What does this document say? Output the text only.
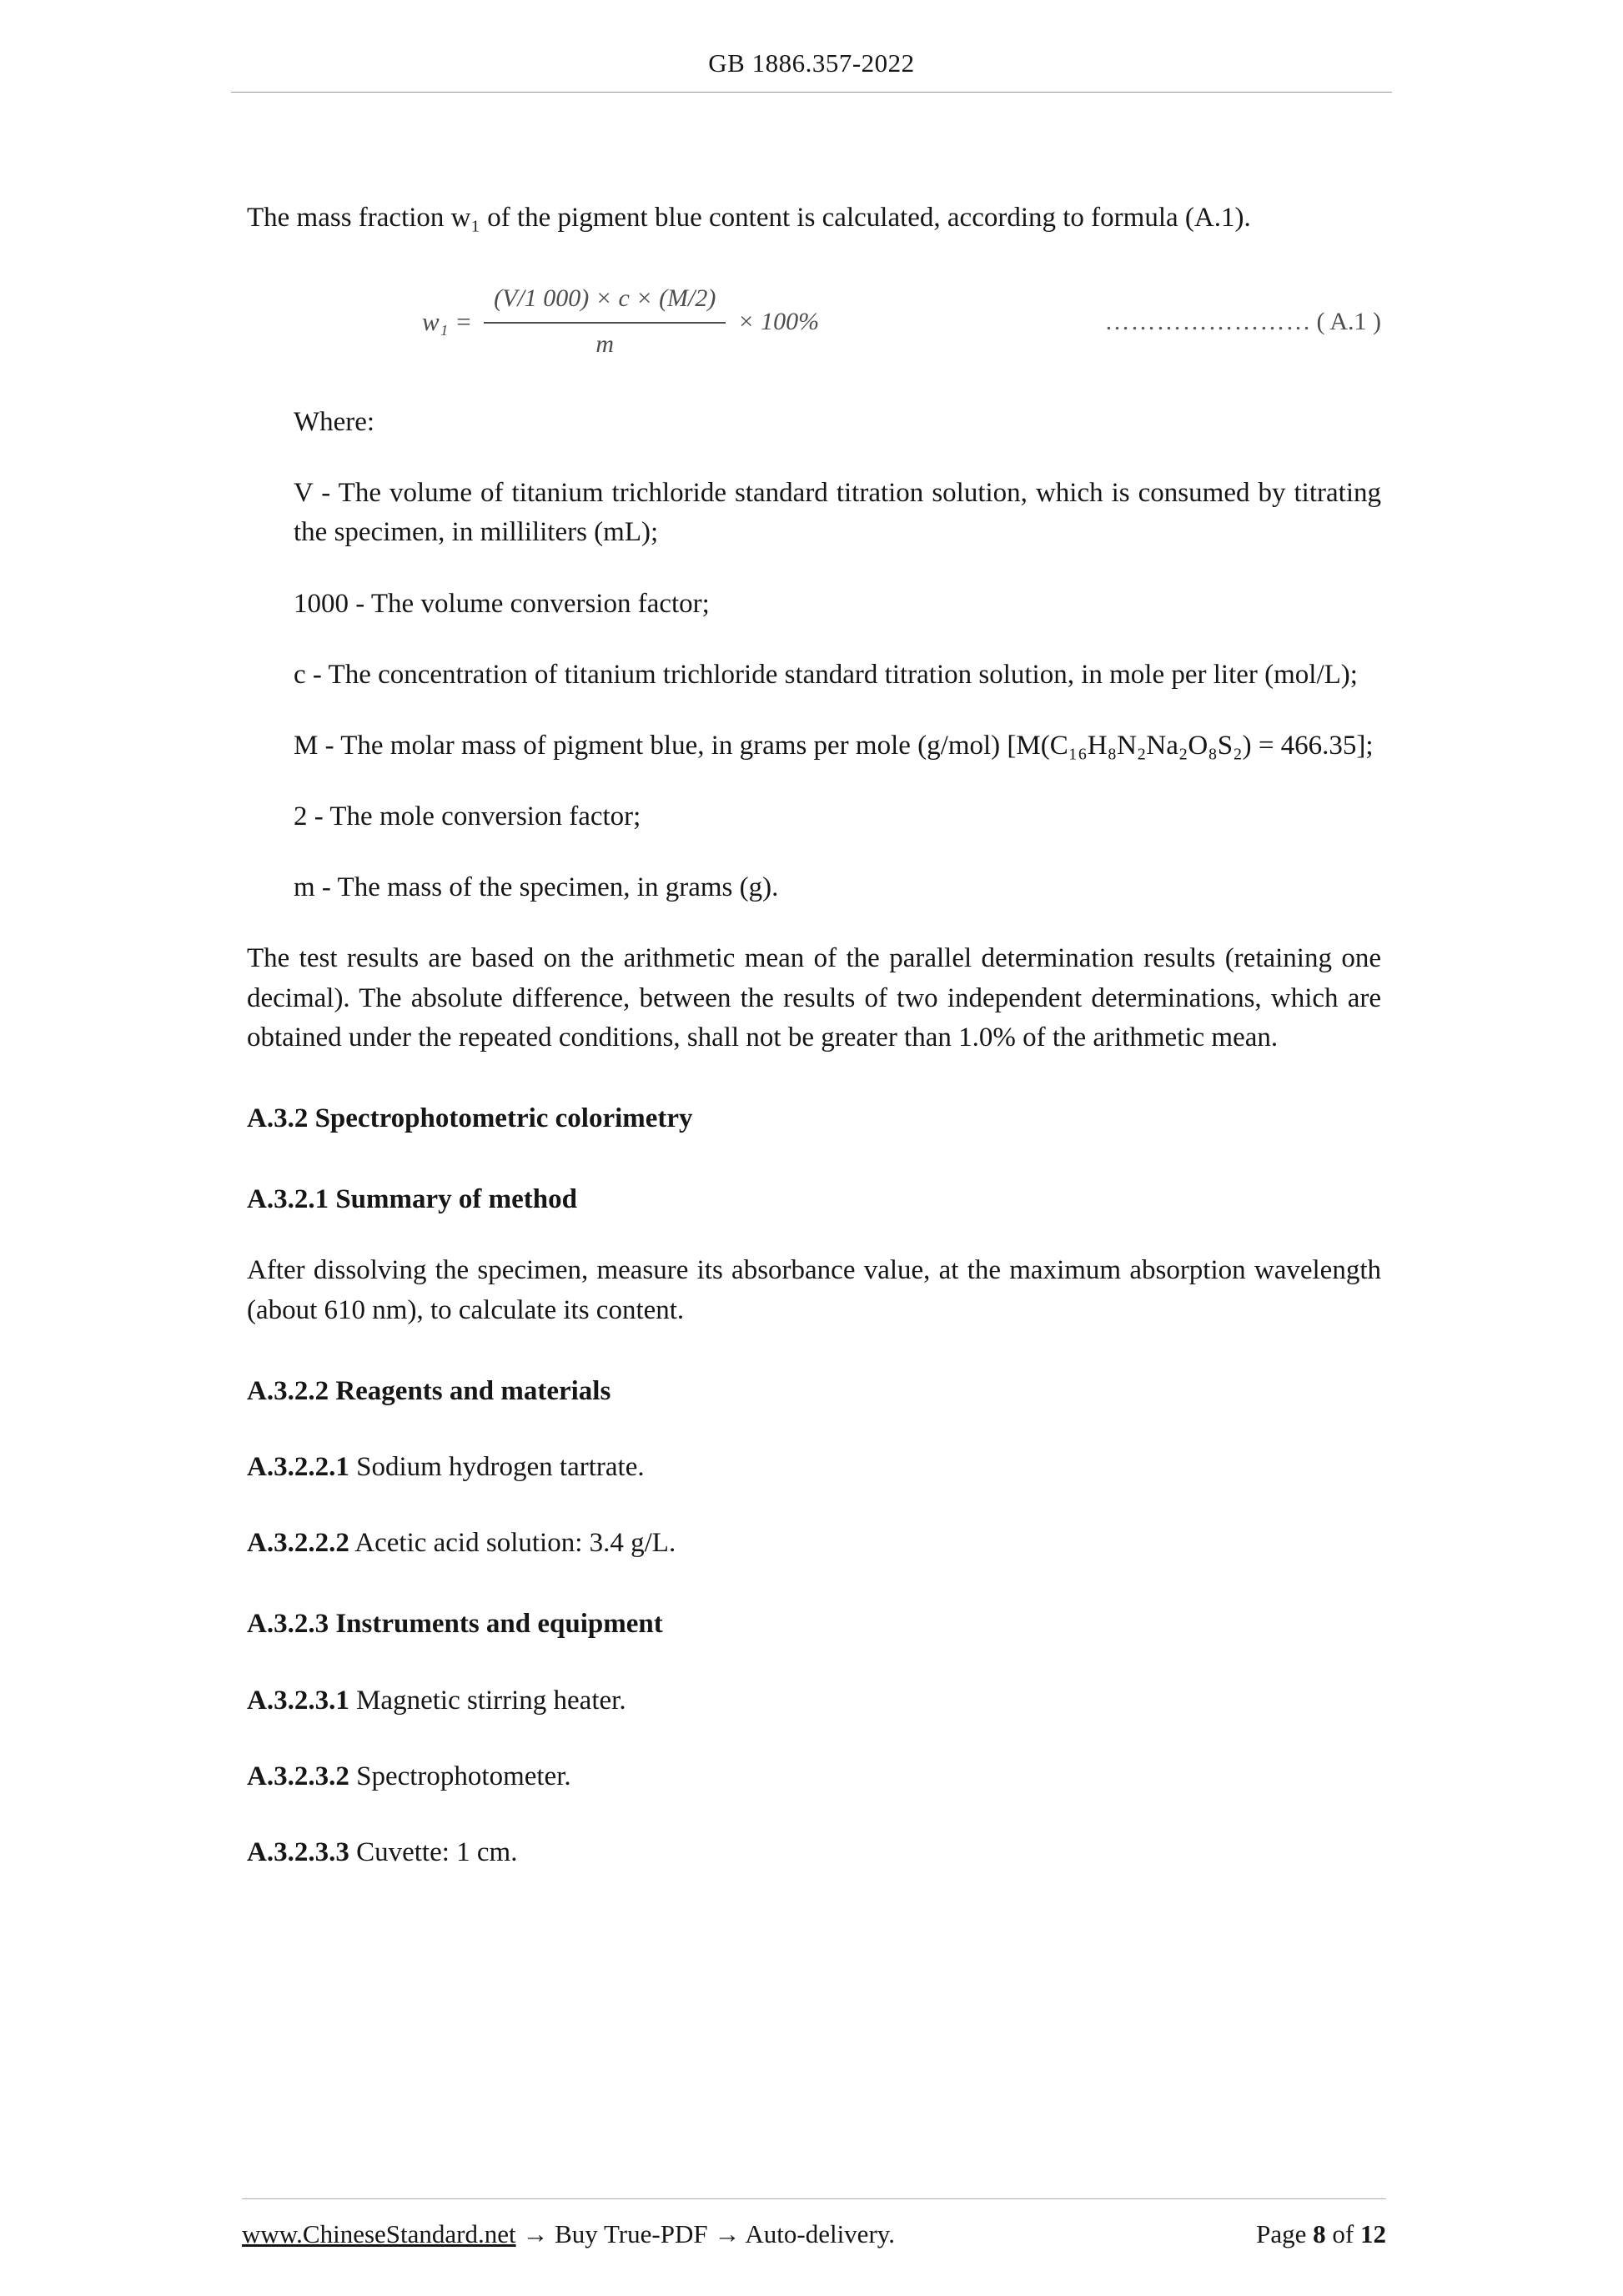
GB 1886.357-2022

The mass fraction w₁ of the pigment blue content is calculated, according to formula (A.1).

$w_1 = \frac{(V/1 000) \times c \times (M/2)}{m} \times 100\%$	…………………… ( A.1 )

Where:

V - The volume of titanium trichloride standard titration solution, which is consumed by titrating the specimen, in milliliters (mL);

1000 - The volume conversion factor;

c - The concentration of titanium trichloride standard titration solution, in mole per liter (mol/L);

M - The molar mass of pigment blue, in grams per mole (g/mol) [M(C₁₆H₈N₂Na₂O₈S₂) = 466.35];

2 - The mole conversion factor;

m - The mass of the specimen, in grams (g).

The test results are based on the arithmetic mean of the parallel determination results (retaining one decimal). The absolute difference, between the results of two independent determinations, which are obtained under the repeated conditions, shall not be greater than 1.0% of the arithmetic mean.

A.3.2 Spectrophotometric colorimetry
A.3.2.1 Summary of method

After dissolving the specimen, measure its absorbance value, at the maximum absorption wavelength (about 610 nm), to calculate its content.

A.3.2.2 Reagents and materials

A.3.2.2.1 Sodium hydrogen tartrate.

A.3.2.2.2 Acetic acid solution: 3.4 g/L.

A.3.2.3 Instruments and equipment

A.3.2.3.1 Magnetic stirring heater.

A.3.2.3.2 Spectrophotometer.

A.3.2.3.3 Cuvette: 1 cm.

www.ChineseStandard.net → Buy True-PDF → Auto-delivery.	Page 8 of 12
